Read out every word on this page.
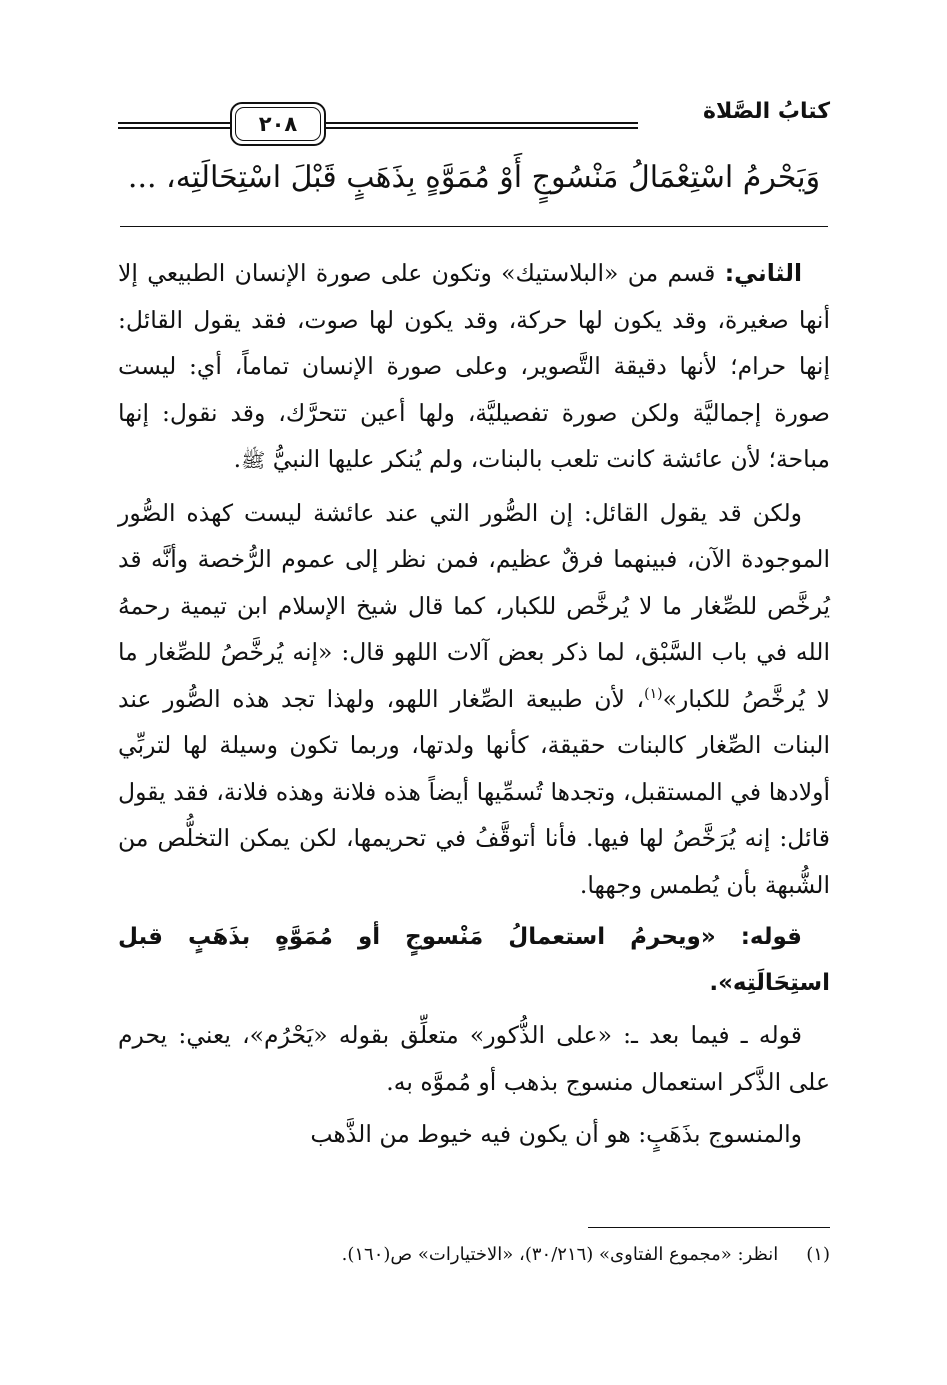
كتابُ الصَّلاة
٢٠٨
وَيَحْرمُ اسْتِعْمَالُ مَنْسُوجٍ أَوْ مُمَوَّهٍ بِذَهَبٍ قَبْلَ اسْتِحَالَتِه، ...

الثاني: قسم من «البلاستيك» وتكون على صورة الإنسان الطبيعي إلا أنها صغيرة، وقد يكون لها حركة، وقد يكون لها صوت، فقد يقول القائل: إنها حرام؛ لأنها دقيقة التَّصوير، وعلى صورة الإنسان تماماً، أي: ليست صورة إجماليَّة ولكن صورة تفصيليَّة، ولها أعين تتحرَّك، وقد نقول: إنها مباحة؛ لأن عائشة كانت تلعب بالبنات، ولم يُنكر عليها النبيُّ ﷺ.

ولكن قد يقول القائل: إن الصُّور التي عند عائشة ليست كهذه الصُّور الموجودة الآن، فبينهما فرقٌ عظيم، فمن نظر إلى عموم الرُّخصة وأنَّه قد يُرخَّص للصِّغار ما لا يُرخَّص للكبار، كما قال شيخ الإسلام ابن تيمية رحمهُ الله في باب السَّبْق، لما ذكر بعض آلات اللهو قال: «إنه يُرخَّصُ للصِّغار ما لا يُرخَّصُ للكبار»$^{(١)}$، لأن طبيعة الصِّغار اللهو، ولهذا تجد هذه الصُّور عند البنات الصِّغار كالبنات حقيقة، كأنها ولدتها، وربما تكون وسيلة لها لتربِّي أولادها في المستقبل، وتجدها تُسمِّيها أيضاً هذه فلانة وهذه فلانة، فقد يقول قائل: إنه يُرَخَّصُ لها فيها. فأنا أتوقَّفُ في تحريمها، لكن يمكن التخلُّص من الشُّبهة بأن يُطمس وجهها.

قوله: «ويحرمُ استعمالُ مَنْسوجٍ أو مُمَوَّهٍ بذَهَبٍ قبل استِحَالَتِه».

قوله ـ فيما بعد ـ: «على الذُّكور» متعلِّق بقوله «يَحْرُم»، يعني: يحرم على الذَّكر استعمال منسوج بذهب أو مُموَّه به.

والمنسوج بذَهَبٍ: هو أن يكون فيه خيوط من الذَّهب

(١)انظر: «مجموع الفتاوى» (٣٠/٢١٦)، «الاختيارات» ص(١٦٠).
